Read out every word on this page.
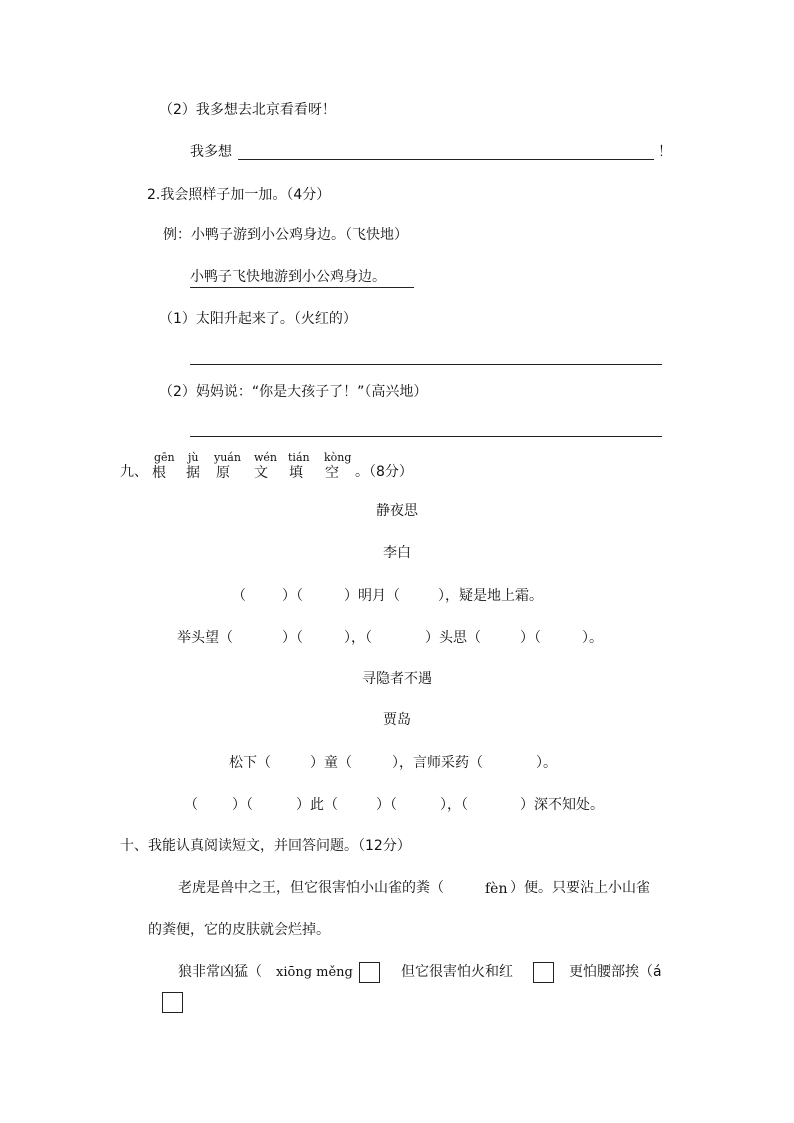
（2）我多想去北京看看呀！
我多想	！
2.我会照样子加一加。（4分）
例：小鸭子游到小公鸡身边。（飞快地）
小鸭子飞快地游到小公鸡身边。
（1）太阳升起来了。（火红的）
（2）妈妈说：“你是大孩子了！”（高兴地）
九、
gēn jù yuán wén tián kòng
根 据 原 文 填 空 。（8分）
静夜思
李白
（	）（	）明月（	），疑是地上霜。
举头望（	）（	），（	）头思（	）（	）。
寻隐者不遇
贾岛
松下（	）童（	），言师采药（	）。
（ ）（	）此（	）（	），（	）深不知处。
十、我能认真阅读短文，并回答问题。（12分）
老虎是兽中之王，但它很害怕小山雀的粪（	fèn ）便。只要沾上小山雀
的粪便，它的皮肤就会烂掉。
狼非常凶猛（ xiōng měng	但它很害怕火和红	更怕腰部挨（á
